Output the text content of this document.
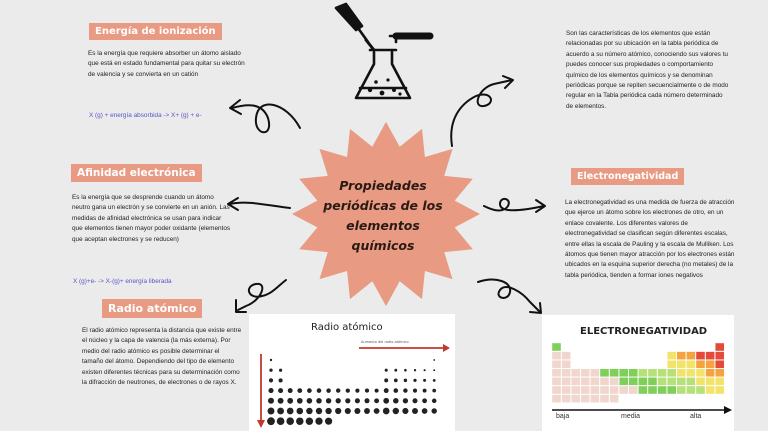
Propiedades periódicas de los elementos químicos
Son las características de los elementos que están relacionadas por su ubicación en la tabla periódica de acuerdo a su número atómico, conociendo sus valores tu puedes conocer sus propiedades o comportamiento químico de los elementos químicos y se denominan periódicas porque se repiten secuencialmente o de modo regular en la Tabla periódica cada número determinado de elementos.
Energía de ionización
Es la energía que requiere absorber un átomo aislado que está en estado fundamental para quitar su electrón de valencia y se convierta en un catión
X (g) + energía absorbida -> X+ (g) + e-
Afinidad electrónica
Es la energía que se desprende cuando un átomo neutro gana un electrón y se convierte en un anión. Las medidas de afinidad electrónica se usan para indicar que elementos tienen mayor poder oxidante (elementos que aceptan electrones y se reducen)
X (g)+e- -> X-(g)+ energía liberada
Radio atómico
El radio atómico representa la distancia que existe entre el núcleo y la capa de valencia (la más externa). Por medio del radio atómico es posible determinar el tamaño del átomo. Dependiendo del tipo de elemento existen diferentes técnicas para su determinación como la difracción de neutrones, de electrones o de rayos X.
Electronegatividad
La electronegatividad es una medida de fuerza de atracción que ejerce un átomo sobre los electrones de otro, en un enlace covalente. Los diferentes valores de electronegatividad se clasifican según diferentes escalas, entre ellas la escala de Pauling y la escala de Mulliken. Los átomos que tienen mayor atracción por los electrones están ubicados en la esquina superior derecha (no metales) de la tabla periódica, tienden a formar iones negativos
Radio atómico
Aumento del radio atómico
ELECTRONEGATIVIDAD
baja	media	alta
